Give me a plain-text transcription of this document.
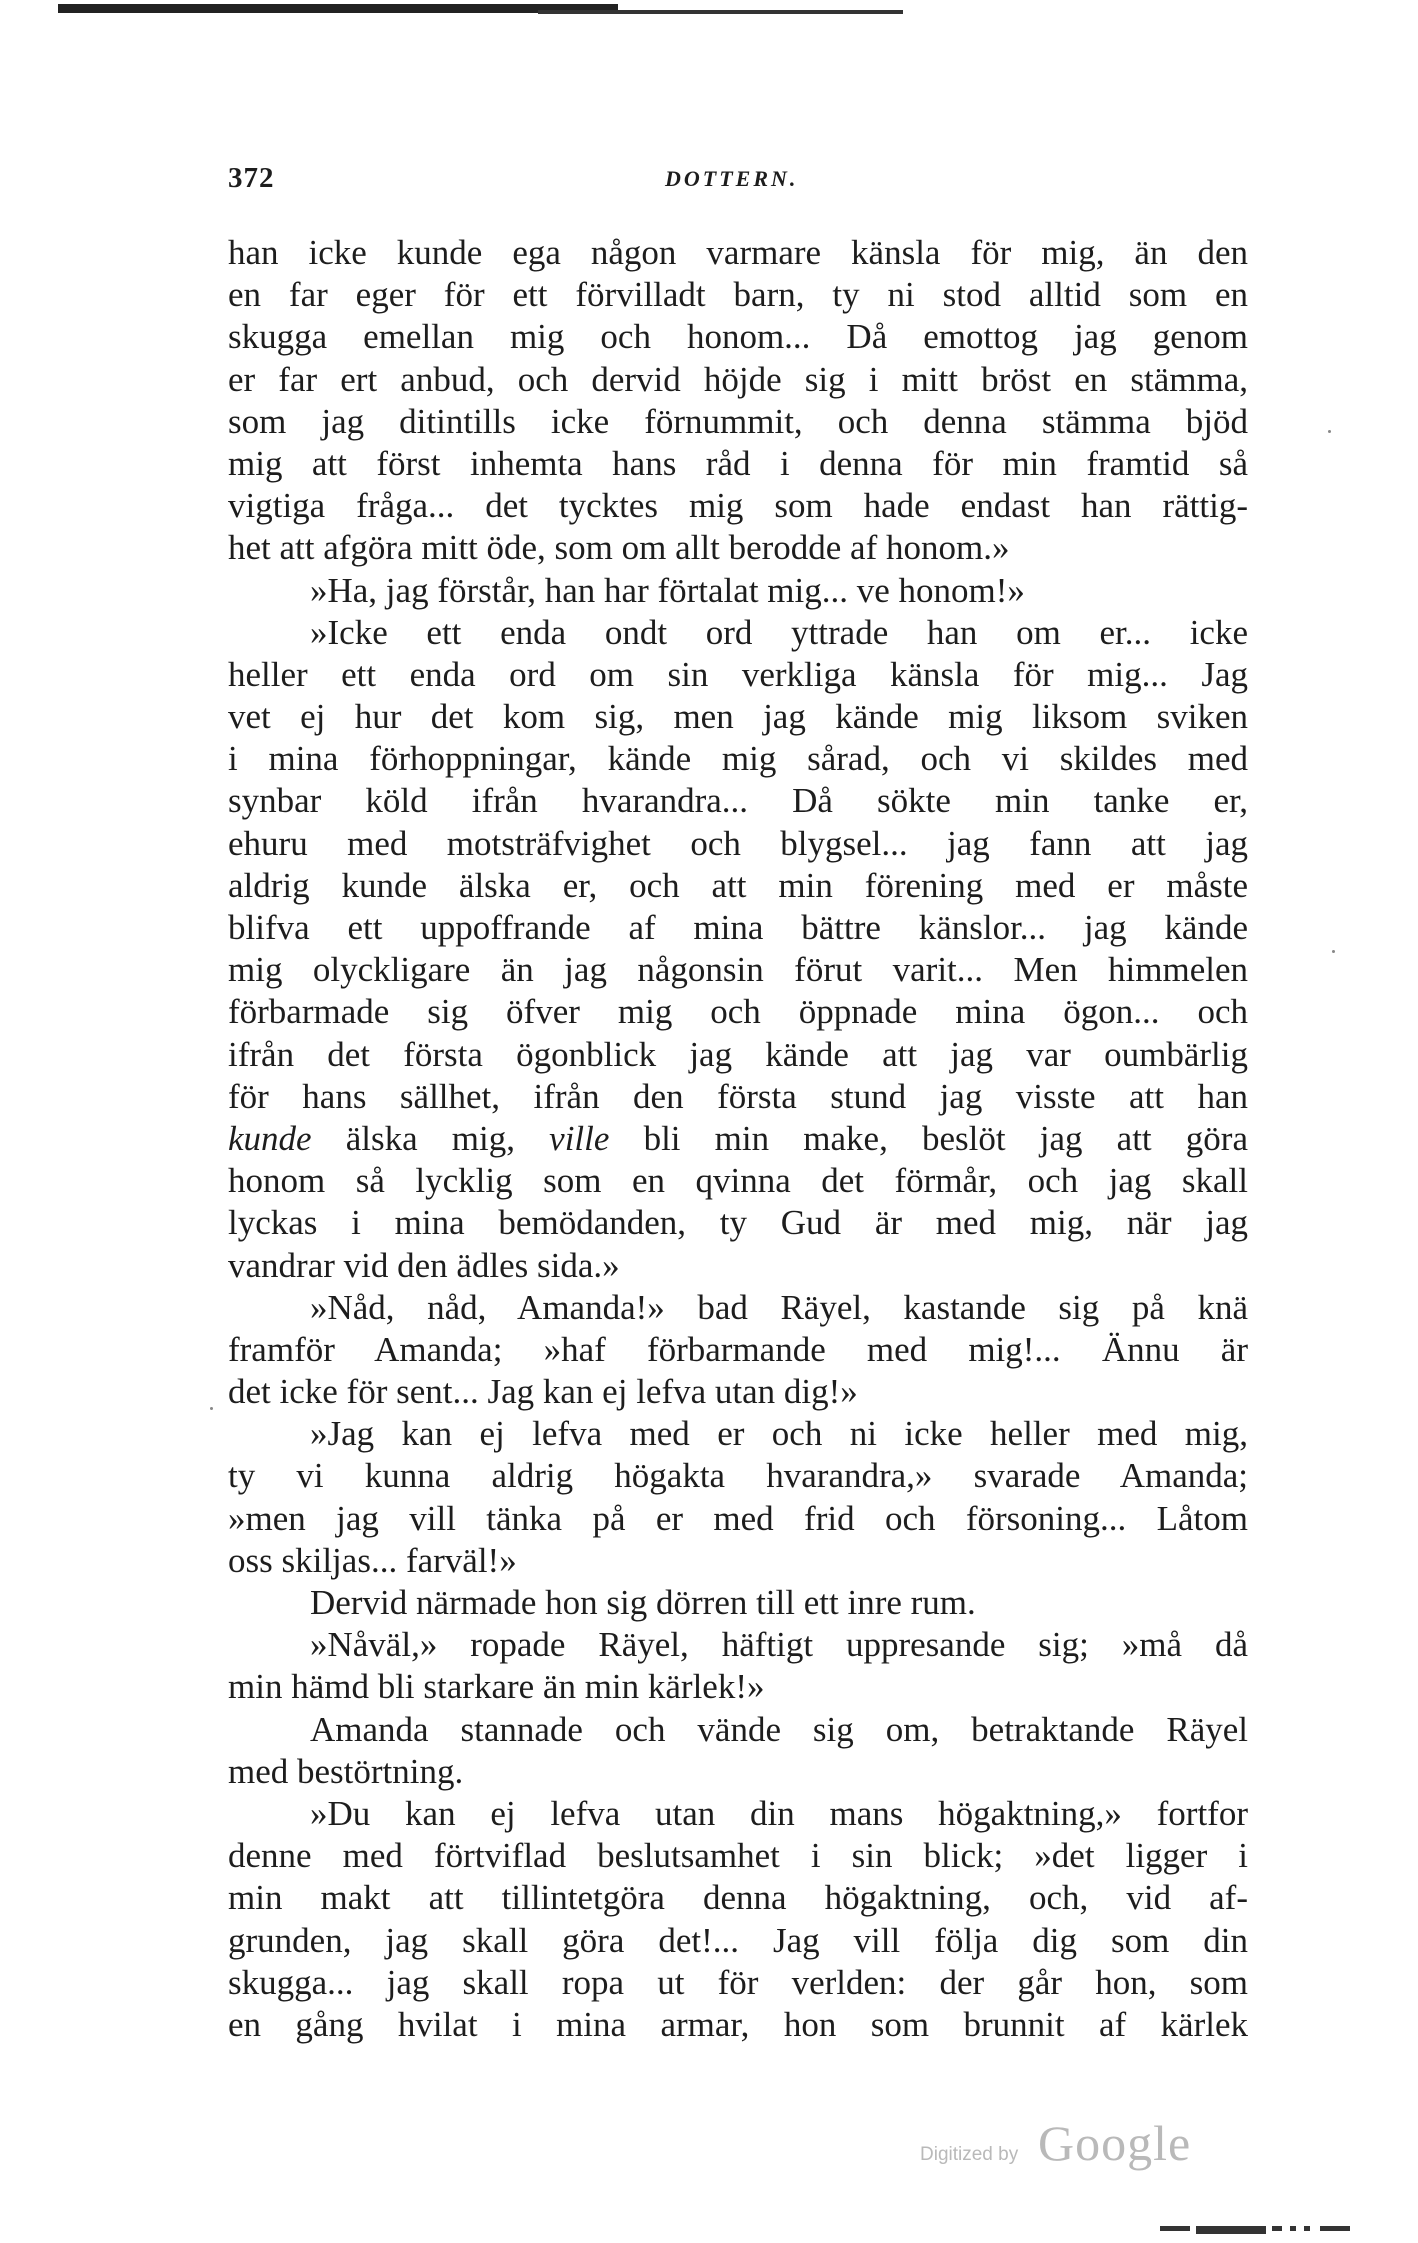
372	DOTTERN.
han icke kunde ega någon varmare känsla för mig, än den
en far eger för ett förvilladt barn, ty ni stod alltid som en
skugga emellan mig och honom... Då emottog jag genom
er far ert anbud, och dervid höjde sig i mitt bröst en stämma,
som jag ditintills icke förnummit, och denna stämma bjöd
mig att först inhemta hans råd i denna för min framtid så
vigtiga fråga... det tycktes mig som hade endast han rättig-
het att afgöra mitt öde, som om allt berodde af honom.»
»Ha, jag förstår, han har förtalat mig... ve honom!»
»Icke ett enda ondt ord yttrade han om er... icke
heller ett enda ord om sin verkliga känsla för mig... Jag
vet ej hur det kom sig, men jag kände mig liksom sviken
i mina förhoppningar, kände mig sårad, och vi skildes med
synbar köld ifrån hvarandra... Då sökte min tanke er,
ehuru med motsträfvighet och blygsel... jag fann att jag
aldrig kunde älska er, och att min förening med er måste
blifva ett uppoffrande af mina bättre känslor... jag kände
mig olyckligare än jag någonsin förut varit... Men himmelen
förbarmade sig öfver mig och öppnade mina ögon... och
ifrån det första ögonblick jag kände att jag var oumbärlig
för hans sällhet, ifrån den första stund jag visste att han
kunde älska mig, ville bli min make, beslöt jag att göra
honom så lycklig som en qvinna det förmår, och jag skall
lyckas i mina bemödanden, ty Gud är med mig, när jag
vandrar vid den ädles sida.»
»Nåd, nåd, Amanda!» bad Räyel, kastande sig på knä
framför Amanda; »haf förbarmande med mig!... Ännu är
det icke för sent... Jag kan ej lefva utan dig!»
»Jag kan ej lefva med er och ni icke heller med mig,
ty vi kunna aldrig högakta hvarandra,» svarade Amanda;
»men jag vill tänka på er med frid och försoning... Låtom
oss skiljas... farväl!»
Dervid närmade hon sig dörren till ett inre rum.
»Nåväl,» ropade Räyel, häftigt uppresande sig; »må då
min hämd bli starkare än min kärlek!»
Amanda stannade och vände sig om, betraktande Räyel
med bestörtning.
»Du kan ej lefva utan din mans högaktning,» fortfor
denne med förtviflad beslutsamhet i sin blick; »det ligger i
min makt att tillintetgöra denna högaktning, och, vid af-
grunden, jag skall göra det!... Jag vill följa dig som din
skugga... jag skall ropa ut för verlden: der går hon, som
en gång hvilat i mina armar, hon som brunnit af kärlek
Digitized by Google
